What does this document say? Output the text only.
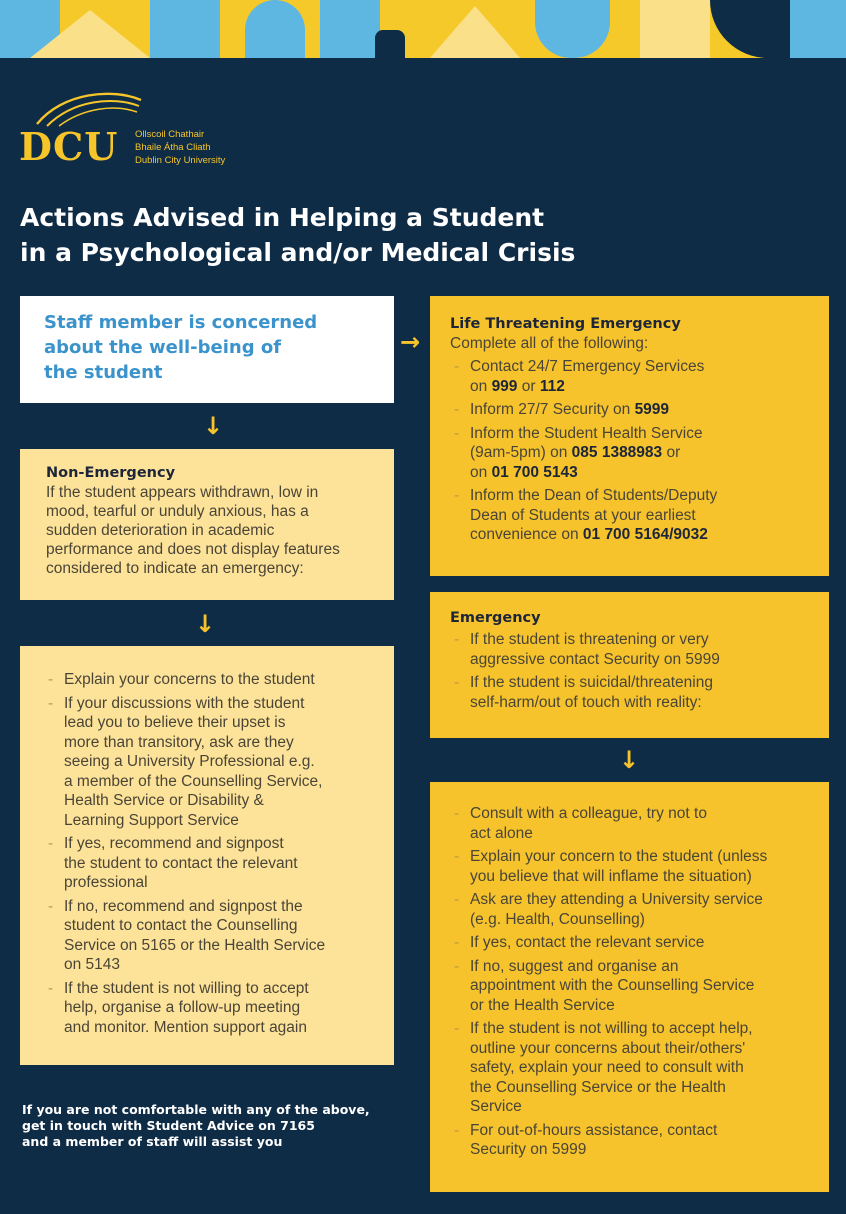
DCU Ollscoil Chathair
Bhaile Átha Cliath
Dublin City University
Actions Advised in Helping a Student
in a Psychological and/or Medical Crisis
Staff member is concerned
about the well-being of
the student
→
↓
↓
↓
Non-Emergency
If the student appears withdrawn, low in
mood, tearful or unduly anxious, has a
sudden deterioration in academic
performance and does not display features
considered to indicate an emergency:
- Explain your concerns to the student
- If your discussions with the student
lead you to believe their upset is
more than transitory, ask are they
seeing a University Professional e.g.
a member of the Counselling Service,
Health Service or Disability &
Learning Support Service
- If yes, recommend and signpost
the student to contact the relevant
professional
- If no, recommend and signpost the
student to contact the Counselling
Service on 5165 or the Health Service
on 5143
- If the student is not willing to accept
help, organise a follow-up meeting
and monitor. Mention support again
Life Threatening Emergency
Complete all of the following:
- Contact 24/7 Emergency Services
on 999 or 112
- Inform 27/7 Security on 5999
- Inform the Student Health Service
(9am-5pm) on 085 1388983 or
on 01 700 5143
- Inform the Dean of Students/Deputy
Dean of Students at your earliest
convenience on 01 700 5164/9032
Emergency
- If the student is threatening or very
aggressive contact Security on 5999
- If the student is suicidal/threatening
self-harm/out of touch with reality:
- Consult with a colleague, try not to
act alone
- Explain your concern to the student (unless
you believe that will inflame the situation)
- Ask are they attending a University service
(e.g. Health, Counselling)
- If yes, contact the relevant service
- If no, suggest and organise an
appointment with the Counselling Service
or the Health Service
- If the student is not willing to accept help,
outline your concerns about their/others'
safety, explain your need to consult with
the Counselling Service or the Health
Service
- For out-of-hours assistance, contact
Security on 5999
If you are not comfortable with any of the above,
get in touch with Student Advice on 7165
and a member of staff will assist you
